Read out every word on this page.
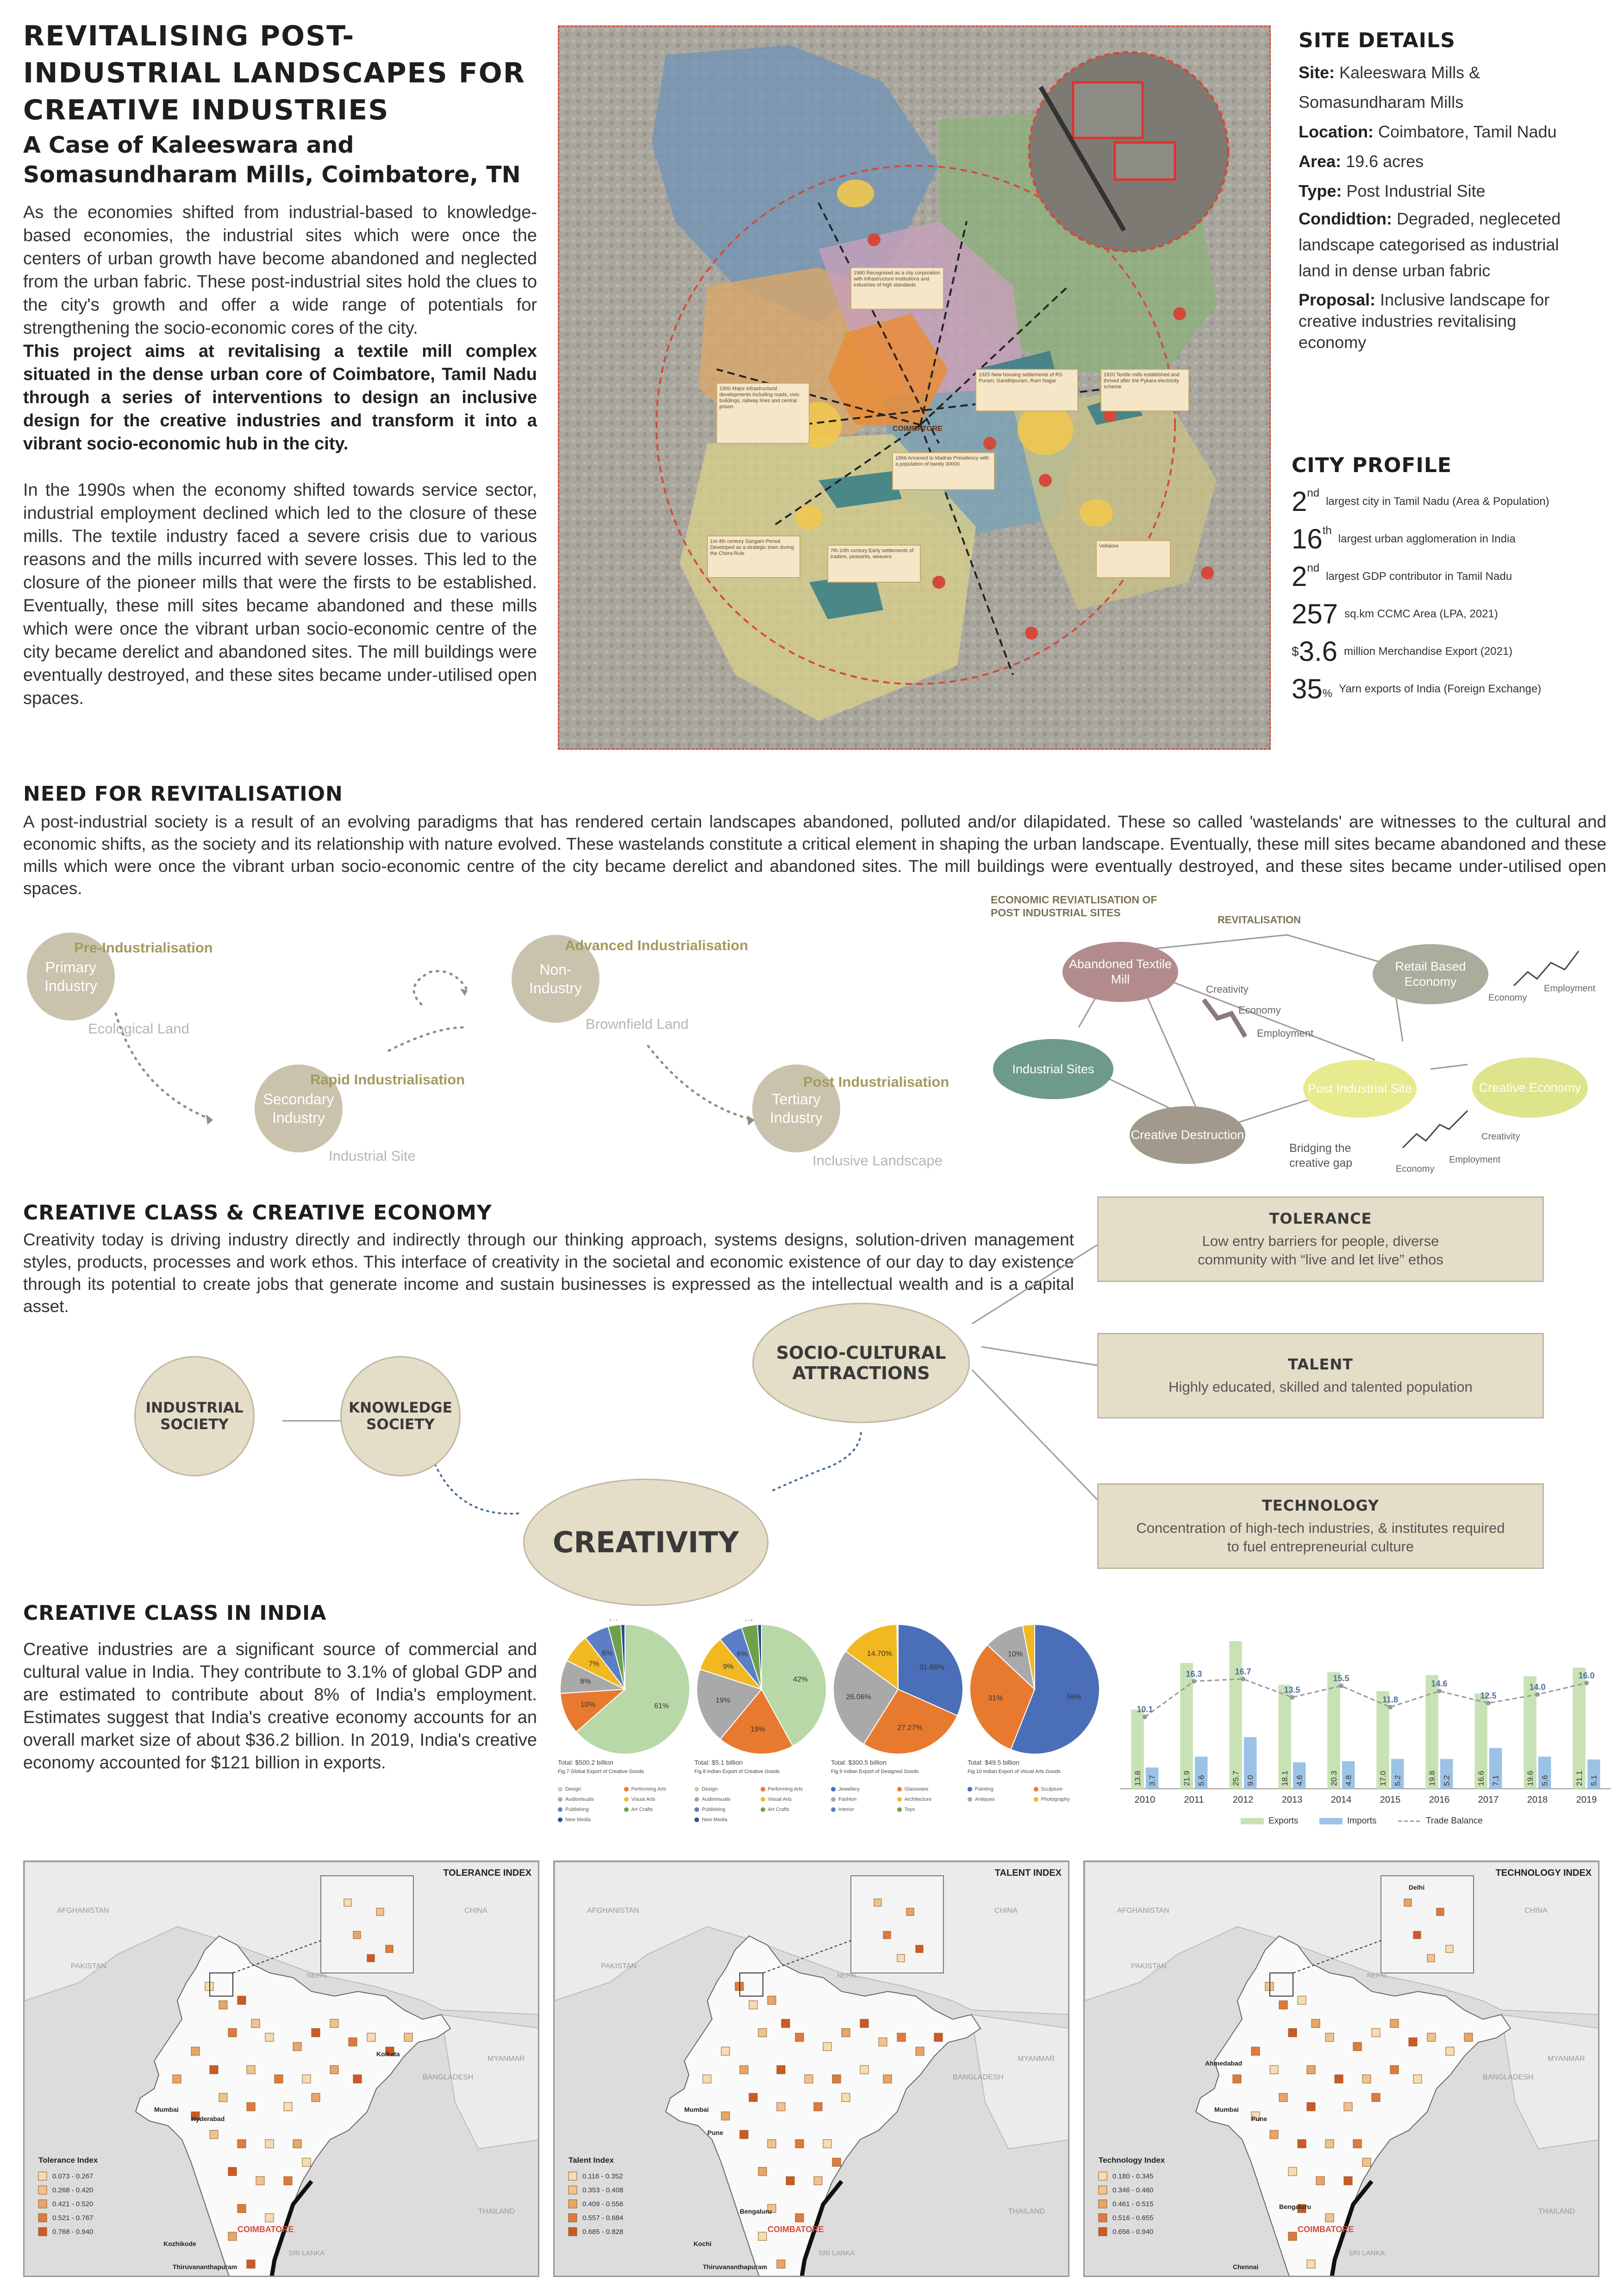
REVITALISING POST-INDUSTRIAL LANDSCAPES FOR CREATIVE INDUSTRIES
A Case of Kaleeswara and Somasundharam Mills, Coimbatore, TN

As the economies shifted from industrial-based to knowledge-based economies, the industrial sites which were once the centers of urban growth have become abandoned and neglected from the urban fabric. These post-industrial sites hold the clues to the city's growth and offer a wide range of potentials for strengthening the socio-economic cores of the city.

This project aims at revitalising a textile mill complex situated in the dense urban core of Coimbatore, Tamil Nadu through a series of interventions to design an inclusive design for the creative industries and transform it into a vibrant socio-economic hub in the city.

In the 1990s when the economy shifted towards service sector, industrial employment declined which led to the closure of these mills. The textile industry faced a severe crisis due to various reasons and the mills incurred with severe losses. This led to the closure of the pioneer mills that were the firsts to be established. Eventually, these mill sites became abandoned and these mills which were once the vibrant urban socio-economic centre of the city became derelict and abandoned sites. The mill buildings were eventually destroyed, and these sites became under-utilised open spaces.

1980 Recognised as a city corporation with infrastructure institutions and industries of high standards
1900 Major infrastructural developments including roads, civic buildings, railway lines and central prison
1925 New housing settlements of RS Puram, Gandhipuram, Ram Nagar
1866 Annexed to Madras Presidency with a population of barely 30000
1st-4th century Sangam Period Developed as a strategic town during the Chera Rule	7th-10th century Early settlements of traders, peasants, weavers
1920 Textile mills established and thrived after the Pykara electricity scheme
Vellalore
COIMBATORE
SITE DETAILS
Site: Kaleeswara Mills & Somasundharam Mills
Location: Coimbatore, Tamil Nadu
Area: 19.6 acres
Type: Post Industrial Site
Condidtion: Degraded, negleceted landscape categorised as industrial land in dense urban fabric
Proposal: Inclusive landscape for creative industries revitalising economy
CITY PROFILE
2 nd
largest city in Tamil Nadu (Area & Population)
16 th
largest urban agglomeration in India
2 nd
largest GDP contributor in Tamil Nadu
257 sq.km CCMC Area (LPA, 2021)
$ 3.6 million Merchandise Export (2021)
35 % Yarn exports of India (Foreign Exchange)
NEED FOR REVITALISATION
A post-industrial society is a result of an evolving paradigms that has rendered certain landscapes abandoned, polluted and/or dilapidated. These so called 'wastelands' are witnesses to the cultural and economic shifts, as the society and its relationship with nature evolved. These wastelands constitute a critical element in shaping the urban landscape. Eventually, these mill sites became abandoned and these mills which were once the vibrant urban socio-economic centre of the city became derelict and abandoned sites. The mill buildings were eventually destroyed, and these sites became under-utilised open spaces.
Primary Industry
Pre-Industrialisation
Ecological Land
Secondary Industry
Rapid Industrialisation
Industrial Site
Non-Industry
Advanced Industrialisation
Brownfield Land
Tertiary Industry
Post Industrialisation
Inclusive Landscape
ECONOMIC REVIATLISATION OF POST INDUSTRIAL SITES
REVITALISATION
Abandoned Textile Mill
Retail Based Economy
Industrial Sites
Post Industrial Site	Creative Economy
Creative Destruction
Bridging the creative gap
Creativity
Economy
Employment
Economy
Employment
Creativity
Employment
Economy
CREATIVE CLASS & CREATIVE ECONOMY
Creativity today is driving industry directly and indirectly through our thinking approach, systems designs, solution-driven management styles, products, processes and work ethos. This interface of creativity in the societal and economic existence of our day to day existence through its potential to create jobs that generate income and sustain businesses is expressed as the intellectual wealth and is a capital asset.
INDUSTRIAL SOCIETY
KNOWLEDGE SOCIETY
CREATIVITY
SOCIO-CULTURAL ATTRACTIONS
TOLERANCE
Low entry barriers for people, diverse community with “live and let live” ethos
TALENT
Highly educated, skilled and talented population
TECHNOLOGY
Concentration of high-tech industries, & institutes required to fuel entrepreneurial culture
CREATIVE CLASS IN INDIA
Creative industries are a significant source of commercial and cultural value in India. They contribute to 3.1% of global GDP and are estimated to contribute about 8% of India's employment. Estimates suggest that India's creative economy accounts for an overall market size of about $36.2 billion. In 2019, India's creative economy accounted for $121 billion in exports.
61%
10%
8%
7%
6%
42%
19%
19%
9%
6%
31.66%
27.27%
26.06%
14.70%
56%
31%
10%
Total: $500.2 billion
Fig.7 Global Export of Creative Goods
Total: $5.1 billion
Fig.8 Indian Export of Creative Goods
Total: $300.5 billion
Fig.9 Indian Export of Designed Goods
Total: $49.5 billion
Fig.10 Indian Export of Visual Arts Goods
Design	Performing Arts
Audiovisuals	Visual Arts
Publishing	Art Crafts
New Media
Design	Performing Arts
Audiovisuals	Visual Arts
Publishing	Art Crafts
New Media
Jewellery	Glassware
Fashion	Architecture
Interior	Toys
Painting	Sculpture
Antiques	Photography
13.8 3.7
2010
21.9 5.6
2011
25.7 9.0
2012
18.1 4.6
2013
20.3 4.8
2014
17.0 5.2
2015
19.8 5.2
2016
16.6 7.1
2017
19.6 5.6
2018
21.1 5.1
2019
10.1
16.3	16.7
13.5
15.5
11.8
14.6
12.5
14.0
16.0
Exports	Imports	Trade Balance
TOLERANCE INDEX
AFGHANISTAN
PAKISTAN
CHINA
NEPAL
BANGLADESH
MYANMAR
THAILAND
SRI LANKA
COIMBATORE
Mumbai
Kolkata
Hyderabad
Kozhikode
Thiruvananthapuram
Tolerance Index
0.073 - 0.267
0.268 - 0.420
0.421 - 0.520
0.521 - 0.767
0.768 - 0.940
TALENT INDEX
AFGHANISTAN
PAKISTAN
CHINA
NEPAL
BANGLADESH
MYANMAR
THAILAND
SRI LANKA
COIMBATORE
Mumbai
Pune
Bengaluru
Kochi
Thiruvananthapuram
Talent Index
0.116 - 0.352
0.353 - 0.408
0.409 - 0.556
0.557 - 0.684
0.685 - 0.828
TECHNOLOGY INDEX
AFGHANISTAN
PAKISTAN
CHINA
NEPAL
BANGLADESH
MYANMAR
THAILAND
SRI LANKA
COIMBATORE
Mumbai
Delhi
Ahmedabad
Pune
Bengaluru
Chennai
Technology Index
0.180 - 0.345
0.346 - 0.460
0.461 - 0.515
0.516 - 0.655
0.656 - 0.940
